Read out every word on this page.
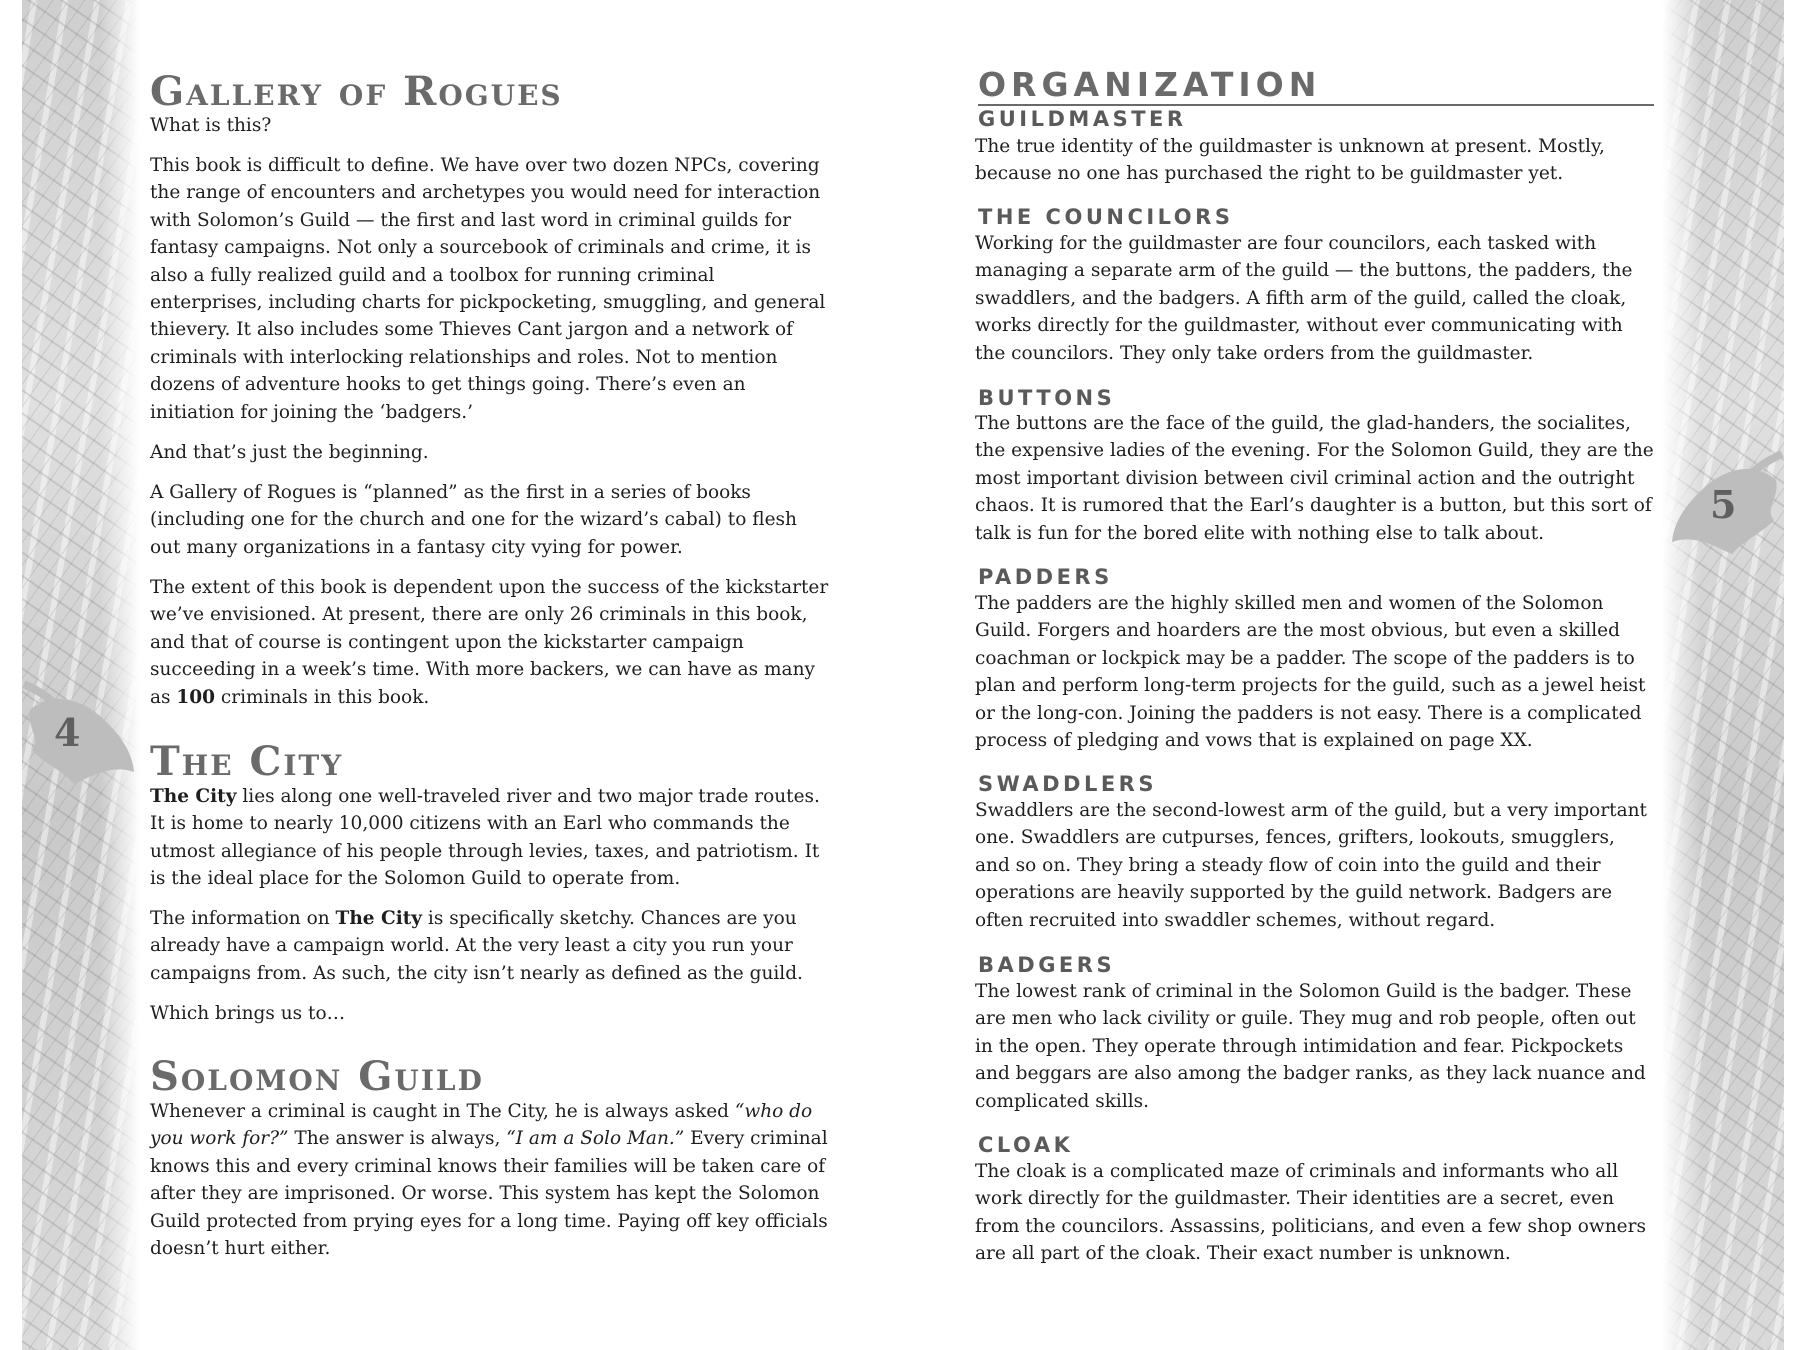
4
5
Gallery of Rogues

What is this?

This book is difficult to define. We have over two dozen NPCs, covering the range of encounters and archetypes you would need for interaction with Solomon’s Guild — the first and last word in criminal guilds for fantasy campaigns. Not only a sourcebook of criminals and crime, it is also a fully realized guild and a toolbox for running criminal enterprises, including charts for pickpocketing, smuggling, and general thievery. It also includes some Thieves Cant jargon and a network of criminals with interlocking relationships and roles. Not to mention dozens of adventure hooks to get things going. There’s even an initiation for joining the ‘badgers.’

And that’s just the beginning.

A Gallery of Rogues is “planned” as the first in a series of books (including one for the church and one for the wizard’s cabal) to flesh out many organizations in a fantasy city vying for power.

The extent of this book is dependent upon the success of the kickstarter we’ve envisioned. At present, there are only 26 criminals in this book, and that of course is contingent upon the kickstarter campaign succeeding in a week’s time. With more backers, we can have as many as 100 criminals in this book.

The City

The City lies along one well-traveled river and two major trade routes. It is home to nearly 10,000 citizens with an Earl who commands the utmost allegiance of his people through levies, taxes, and patriotism. It is the ideal place for the Solomon Guild to operate from.

The information on The City is specifically sketchy. Chances are you already have a campaign world. At the very least a city you run your campaigns from. As such, the city isn’t nearly as defined as the guild.

Which brings us to…

Solomon Guild

Whenever a criminal is caught in The City, he is always asked “who do you work for?” The answer is always, “I am a Solo Man.” Every criminal knows this and every criminal knows their families will be taken care of after they are imprisoned. Or worse. This system has kept the Solomon Guild protected from prying eyes for a long time. Paying off key officials doesn’t hurt either.

ORGANIZATION
GUILDMASTER

The true identity of the guildmaster is unknown at present. Mostly, because no one has purchased the right to be guildmaster yet.

THE COUNCILORS

Working for the guildmaster are four councilors, each tasked with managing a separate arm of the guild — the buttons, the padders, the swaddlers, and the badgers. A fifth arm of the guild, called the cloak, works directly for the guildmaster, without ever communicating with the councilors. They only take orders from the guildmaster.

BUTTONS

The buttons are the face of the guild, the glad-handers, the socialites, the expensive ladies of the evening. For the Solomon Guild, they are the most important division between civil criminal action and the outright chaos. It is rumored that the Earl’s daughter is a button, but this sort of talk is fun for the bored elite with nothing else to talk about.

PADDERS

The padders are the highly skilled men and women of the Solomon Guild. Forgers and hoarders are the most obvious, but even a skilled coachman or lockpick may be a padder. The scope of the padders is to plan and perform long-term projects for the guild, such as a jewel heist or the long-con. Joining the padders is not easy. There is a complicated process of pledging and vows that is explained on page XX.

SWADDLERS

Swaddlers are the second-lowest arm of the guild, but a very important one. Swaddlers are cutpurses, fences, grifters, lookouts, smugglers, and so on. They bring a steady flow of coin into the guild and their operations are heavily supported by the guild network. Badgers are often recruited into swaddler schemes, without regard.

BADGERS

The lowest rank of criminal in the Solomon Guild is the badger. These are men who lack civility or guile. They mug and rob people, often out in the open. They operate through intimidation and fear. Pickpockets and beggars are also among the badger ranks, as they lack nuance and complicated skills.

CLOAK

The cloak is a complicated maze of criminals and informants who all work directly for the guildmaster. Their identities are a secret, even from the councilors. Assassins, politicians, and even a few shop owners are all part of the cloak. Their exact number is unknown.
